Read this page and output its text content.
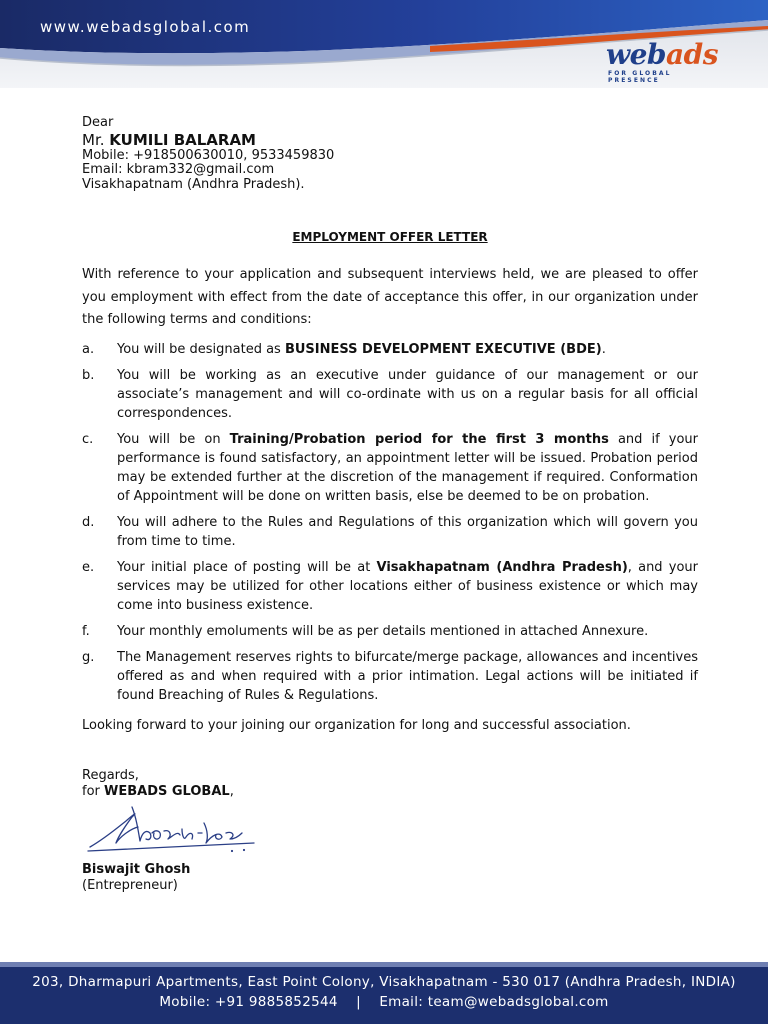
www.webadsglobal.com
webads
FOR GLOBAL PRESENCE

Dear

Mr. KUMILI BALARAM

Mobile: +918500630010, 9533459830

Email: kbram332@gmail.com

Visakhapatnam (Andhra Pradesh).

EMPLOYMENT OFFER LETTER

With reference to your application and subsequent interviews held, we are pleased to offer you employment with effect from the date of acceptance this offer, in our organization under the following terms and conditions:

a.	You will be designated as BUSINESS DEVELOPMENT EXECUTIVE (BDE).
b.	You will be working as an executive under guidance of our management or our associate’s management and will co-ordinate with us on a regular basis for all official correspondences.
c.	You will be on Training/Probation period for the first 3 months and if your performance is found satisfactory, an appointment letter will be issued. Probation period may be extended further at the discretion of the management if required. Conformation of Appointment will be done on written basis, else be deemed to be on probation.
d.	You will adhere to the Rules and Regulations of this organization which will govern you from time to time.
e.	Your initial place of posting will be at Visakhapatnam (Andhra Pradesh), and your services may be utilized for other locations either of business existence or which may come into business existence.
f.	Your monthly emoluments will be as per details mentioned in attached Annexure.
g.	The Management reserves rights to bifurcate/merge package, allowances and incentives offered as and when required with a prior intimation. Legal actions will be initiated if found Breaching of Rules & Regulations.

Looking forward to your joining our organization for long and successful association.

Regards,
for WEBADS GLOBAL,
Biswajit Ghosh
(Entrepreneur)
203, Dharmapuri Apartments, East Point Colony, Visakhapatnam - 530 017 (Andhra Pradesh, INDIA)
Mobile: +91 9885852544    |    Email: team@webadsglobal.com
